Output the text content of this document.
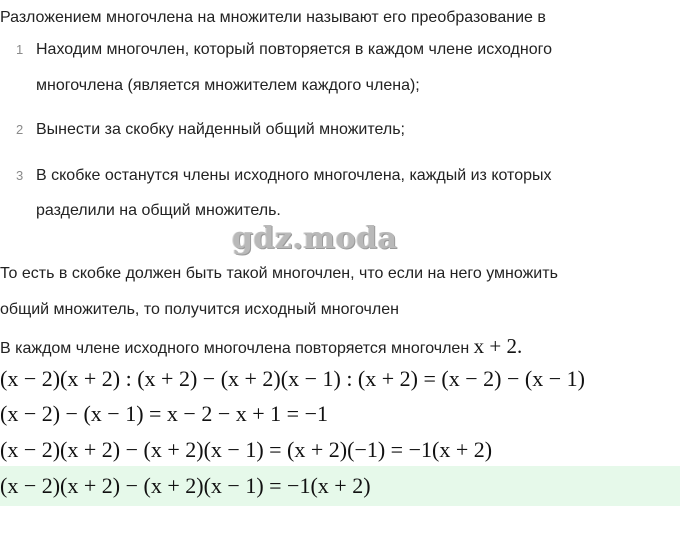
Разложением многочлена на множители называют его преобразование в
1 Находим многочлен, который повторяется в каждом члене исходного
многочлена (является множителем каждого члена);
2 Вынести за скобку найденный общий множитель;
3 В скобке останутся члены исходного многочлена, каждый из которых
разделили на общий множитель.
gdz.moda
То есть в скобке должен быть такой многочлен, что если на него умножить
общий множитель, то получится исходный многочлен
В каждом члене исходного многочлена повторяется многочлен x + 2.
(x − 2)(x + 2) : (x + 2) − (x + 2)(x − 1) : (x + 2) = (x − 2) − (x − 1)
(x − 2) − (x − 1) = x − 2 − x + 1 = −1
(x − 2)(x + 2) − (x + 2)(x − 1) = (x + 2)(−1) = −1(x + 2)
(x − 2)(x + 2) − (x + 2)(x − 1) = −1(x + 2)
